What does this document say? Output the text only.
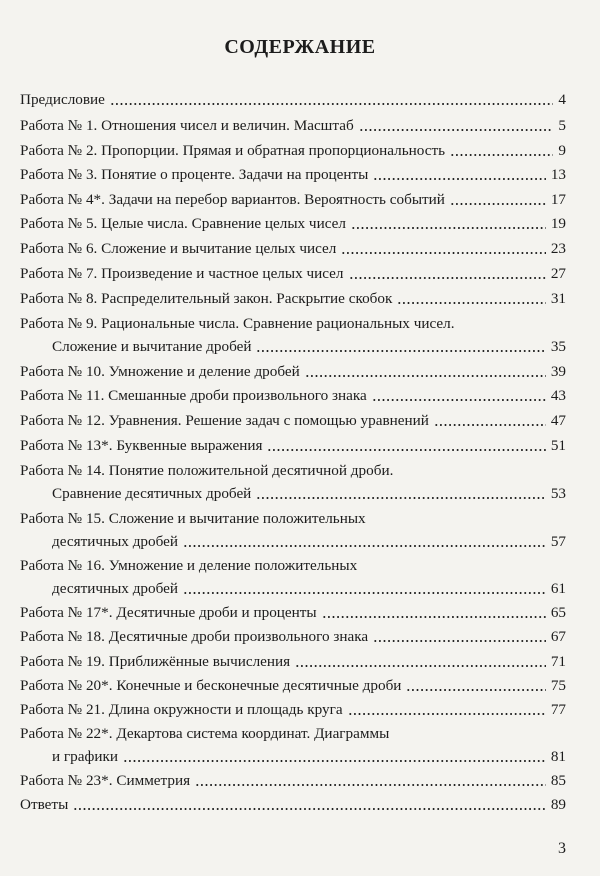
СОДЕРЖАНИЕ
Предисловие	4
Работа № 1. Отношения чисел и величин. Масштаб	5
Работа № 2. Пропорции. Прямая и обратная пропорциональность	9
Работа № 3. Понятие о проценте. Задачи на проценты	13
Работа № 4*. Задачи на перебор вариантов. Вероятность событий	17
Работа № 5. Целые числа. Сравнение целых чисел	19
Работа № 6. Сложение и вычитание целых чисел	23
Работа № 7. Произведение и частное целых чисел	27
Работа № 8. Распределительный закон. Раскрытие скобок	31
Работа № 9. Рациональные числа. Сравнение рациональных чисел.
Сложение и вычитание дробей	35
Работа № 10. Умножение и деление дробей	39
Работа № 11. Смешанные дроби произвольного знака	43
Работа № 12. Уравнения. Решение задач с помощью уравнений	47
Работа № 13*. Буквенные выражения	51
Работа № 14. Понятие положительной десятичной дроби.
Сравнение десятичных дробей	53
Работа № 15. Сложение и вычитание положительных
десятичных дробей	57
Работа № 16. Умножение и деление положительных
десятичных дробей	61
Работа № 17*. Десятичные дроби и проценты	65
Работа № 18. Десятичные дроби произвольного знака	67
Работа № 19. Приближённые вычисления	71
Работа № 20*. Конечные и бесконечные десятичные дроби	75
Работа № 21. Длина окружности и площадь круга	77
Работа № 22*. Декартова система координат. Диаграммы
и графики	81
Работа № 23*. Симметрия	85
Ответы	89
3
